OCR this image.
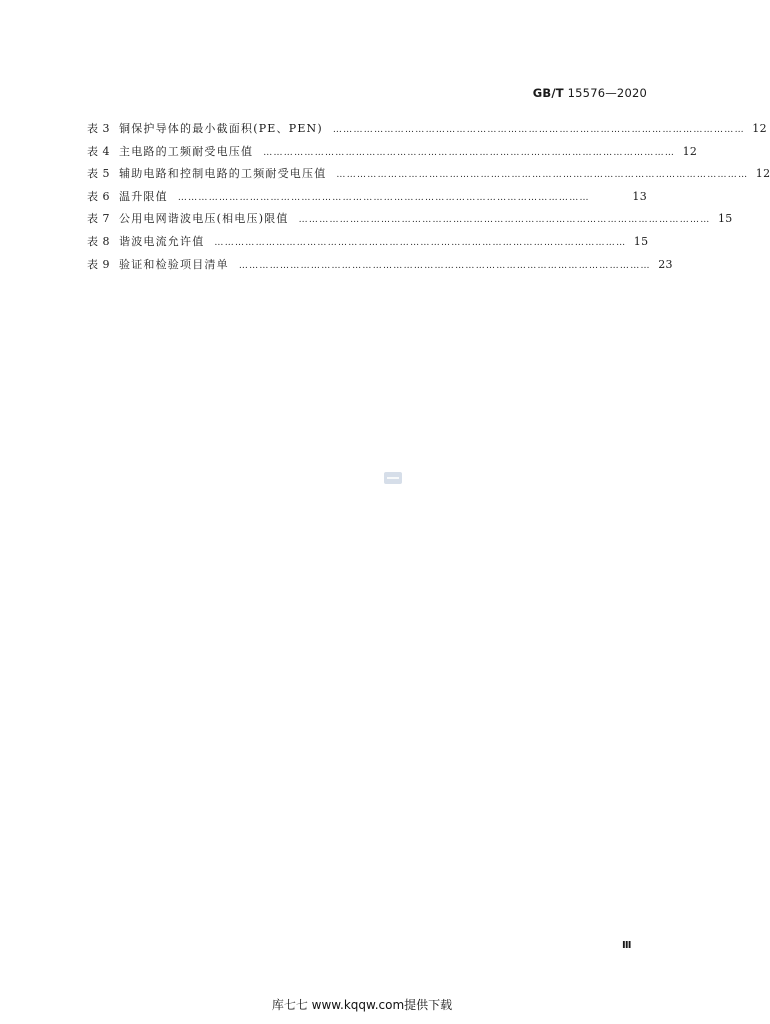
GB/T 15576—2020
表 3 铜保护导体的最小截面积(PE、PEN) ………………………………………………………………………………………………………… 12
表 4 主电路的工频耐受电压值 ………………………………………………………………………………………………………… 12
表 5 辅助电路和控制电路的工频耐受电压值 ………………………………………………………………………………………………………… 12
表 6 温升限值 …………………………………………………………………………………………………………	13
表 7 公用电网谐波电压(相电压)限值 ………………………………………………………………………………………………………… 15
表 8 谐波电流允许值 ………………………………………………………………………………………………………… 15
表 9 验证和检验项目清单 ………………………………………………………………………………………………………… 23
Ⅲ
库七七 www.kqqw.com提供下载
